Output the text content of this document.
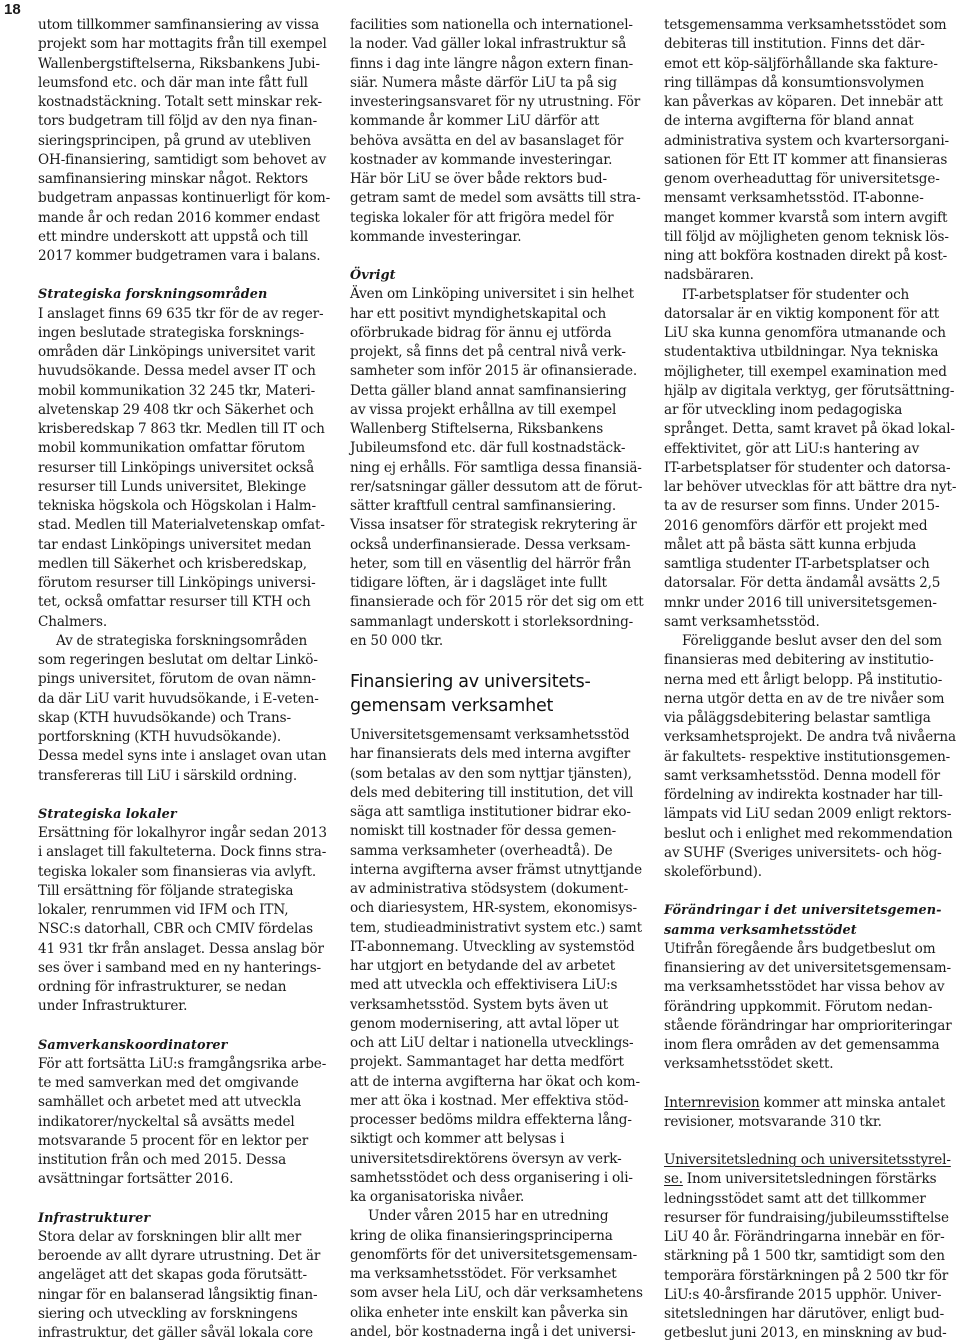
18
utom tillkommer samfinansiering av vissa
projekt som har mottagits från till exempel
Wallenbergstiftelserna, Riksbankens Jubi-
leumsfond etc. och där man inte fått full
kostnadstäckning. Totalt sett minskar rek-
tors budgetram till följd av den nya finan-
sieringsprincipen, på grund av utebliven
OH-finansiering, samtidigt som behovet av
samfinansiering minskar något. Rektors
budgetram anpassas kontinuerligt för kom-
mande år och redan 2016 kommer endast
ett mindre underskott att uppstå och till
2017 kommer budgetramen vara i balans.
Strategiska forskningsområden
I anslaget finns 69 635 tkr för de av reger-
ingen beslutade strategiska forsknings-
områden där Linköpings universitet varit
huvudsökande. Dessa medel avser IT och
mobil kommunikation 32 245 tkr, Materi-
alvetenskap 29 408 tkr och Säkerhet och
krisberedskap 7 863 tkr. Medlen till IT och
mobil kommunikation omfattar förutom
resurser till Linköpings universitet också
resurser till Lunds universitet, Blekinge
tekniska högskola och Högskolan i Halm-
stad. Medlen till Materialvetenskap omfat-
tar endast Linköpings universitet medan
medlen till Säkerhet och krisberedskap,
förutom resurser till Linköpings universi-
tet, också omfattar resurser till KTH och
Chalmers.
Av de strategiska forskningsområden
som regeringen beslutat om deltar Linkö-
pings universitet, förutom de ovan nämn-
da där LiU varit huvudsökande, i E-veten-
skap (KTH huvudsökande) och Trans-
portforskning (KTH huvudsökande).
Dessa medel syns inte i anslaget ovan utan
transfereras till LiU i särskild ordning.
Strategiska lokaler
Ersättning för lokalhyror ingår sedan 2013
i anslaget till fakulteterna. Dock finns stra-
tegiska lokaler som finansieras via avlyft.
Till ersättning för följande strategiska
lokaler, renrummen vid IFM och ITN,
NSC:s datorhall, CBR och CMIV fördelas
41 931 tkr från anslaget. Dessa anslag bör
ses över i samband med en ny hanterings-
ordning för infrastrukturer, se nedan
under Infrastrukturer.
Samverkanskoordinatorer
För att fortsätta LiU:s framgångsrika arbe-
te med samverkan med det omgivande
samhället och arbetet med att utveckla
indikatorer/nyckeltal så avsätts medel
motsvarande 5 procent för en lektor per
institution från och med 2015. Dessa
avsättningar fortsätter 2016.
Infrastrukturer
Stora delar av forskningen blir allt mer
beroende av allt dyrare utrustning. Det är
angeläget att det skapas goda förutsätt-
ningar för en balanserad långsiktig finan-
siering och utveckling av forskningens
infrastruktur, det gäller såväl lokala core
facilities som nationella och internationel-
la noder. Vad gäller lokal infrastruktur så
finns i dag inte längre någon extern finan-
siär. Numera måste därför LiU ta på sig
investeringsansvaret för ny utrustning. För
kommande år kommer LiU därför att
behöva avsätta en del av basanslaget för
kostnader av kommande investeringar.
Här bör LiU se över både rektors bud-
getram samt de medel som avsätts till stra-
tegiska lokaler för att frigöra medel för
kommande investeringar.
Övrigt
Även om Linköping universitet i sin helhet
har ett positivt myndighetskapital och
oförbrukade bidrag för ännu ej utförda
projekt, så finns det på central nivå verk-
samheter som inför 2015 är ofinansierade.
Detta gäller bland annat samfinansiering
av vissa projekt erhållna av till exempel
Wallenberg Stiftelserna, Riksbankens
Jubileumsfond etc. där full kostnadstäck-
ning ej erhålls. För samtliga dessa finansiä-
rer/satsningar gäller dessutom att de förut-
sätter kraftfull central samfinansiering.
Vissa insatser för strategisk rekrytering är
också underfinansierade. Dessa verksam-
heter, som till en väsentlig del härrör från
tidigare löften, är i dagsläget inte fullt
finansierade och för 2015 rör det sig om ett
sammanlagt underskott i storleksordning-
en 50 000 tkr.
Finansiering av universitets-
gemensam verksamhet
Universitetsgemensamt verksamhetsstöd
har finansierats dels med interna avgifter
(som betalas av den som nyttjar tjänsten),
dels med debitering till institution, det vill
säga att samtliga institutioner bidrar eko-
nomiskt till kostnader för dessa gemen-
samma verksamheter (overheadtå). De
interna avgifterna avser främst utnyttjande
av administrativa stödsystem (dokument-
och diariesystem, HR-system, ekonomisys-
tem, studieadministrativt system etc.) samt
IT-abonnemang. Utveckling av systemstöd
har utgjort en betydande del av arbetet
med att utveckla och effektivisera LiU:s
verksamhetsstöd. System byts även ut
genom modernisering, att avtal löper ut
och att LiU deltar i nationella utvecklings-
projekt. Sammantaget har detta medfört
att de interna avgifterna har ökat och kom-
mer att öka i kostnad. Mer effektiva stöd-
processer bedöms mildra effekterna lång-
siktigt och kommer att belysas i
universitetsdirektörens översyn av verk-
samhetsstödet och dess organisering i oli-
ka organisatoriska nivåer.
Under våren 2015 har en utredning
kring de olika finansieringsprinciperna
genomförts för det universitetsgemensam-
ma verksamhetsstödet. För verksamhet
som avser hela LiU, och där verksamhetens
olika enheter inte enskilt kan påverka sin
andel, bör kostnaderna ingå i det universi-
tetsgemensamma verksamhetsstödet som
debiteras till institution. Finns det där-
emot ett köp-säljförhållande ska fakture-
ring tillämpas då konsumtionsvolymen
kan påverkas av köparen. Det innebär att
de interna avgifterna för bland annat
administrativa system och kvartersorgani-
sationen för Ett IT kommer att finansieras
genom overheaduttag för universitetsge-
mensamt verksamhetsstöd. IT-abonne-
manget kommer kvarstå som intern avgift
till följd av möjligheten genom teknisk lös-
ning att bokföra kostnaden direkt på kost-
nadsbäraren.
IT-arbetsplatser för studenter och
datorsalar är en viktig komponent för att
LiU ska kunna genomföra utmanande och
studentaktiva utbildningar. Nya tekniska
möjligheter, till exempel examination med
hjälp av digitala verktyg, ger förutsättning-
ar för utveckling inom pedagogiska
språnget. Detta, samt kravet på ökad lokal-
effektivitet, gör att LiU:s hantering av
IT-arbetsplatser för studenter och datorsa-
lar behöver utvecklas för att bättre dra nyt-
ta av de resurser som finns. Under 2015-
2016 genomförs därför ett projekt med
målet att på bästa sätt kunna erbjuda
samtliga studenter IT-arbetsplatser och
datorsalar. För detta ändamål avsätts 2,5
mnkr under 2016 till universitetsgemen-
samt verksamhetsstöd.
Föreliggande beslut avser den del som
finansieras med debitering av institutio-
nerna med ett årligt belopp. På institutio-
nerna utgör detta en av de tre nivåer som
via påläggsdebitering belastar samtliga
verksamhetsprojekt. De andra två nivåerna
är fakultets- respektive institutionsgemen-
samt verksamhetsstöd. Denna modell för
fördelning av indirekta kostnader har till-
lämpats vid LiU sedan 2009 enligt rektors-
beslut och i enlighet med rekommendation
av SUHF (Sveriges universitets- och hög-
skoleförbund).
Förändringar i det universitetsgemen-
samma verksamhetsstödet
Utifrån föregående års budgetbeslut om
finansiering av det universitetsgemensam-
ma verksamhetsstödet har vissa behov av
förändring uppkommit. Förutom nedan-
stående förändringar har omprioriteringar
inom flera områden av det gemensamma
verksamhetsstödet skett.
Internrevision kommer att minska antalet
revisioner, motsvarande 310 tkr.
Universitetsledning och universitetsstyrel-
se. Inom universitetsledningen förstärks
ledningsstödet samt att det tillkommer
resurser för fundraising/jubileumsstiftelse
LiU 40 år. Förändringarna innebär en för-
stärkning på 1 500 tkr, samtidigt som den
temporära förstärkningen på 2 500 tkr för
LiU:s 40-årsfirande 2015 upphör. Univer-
sitetsledningen har därutöver, enligt bud-
getbeslut juni 2013, en minskning av bud-
